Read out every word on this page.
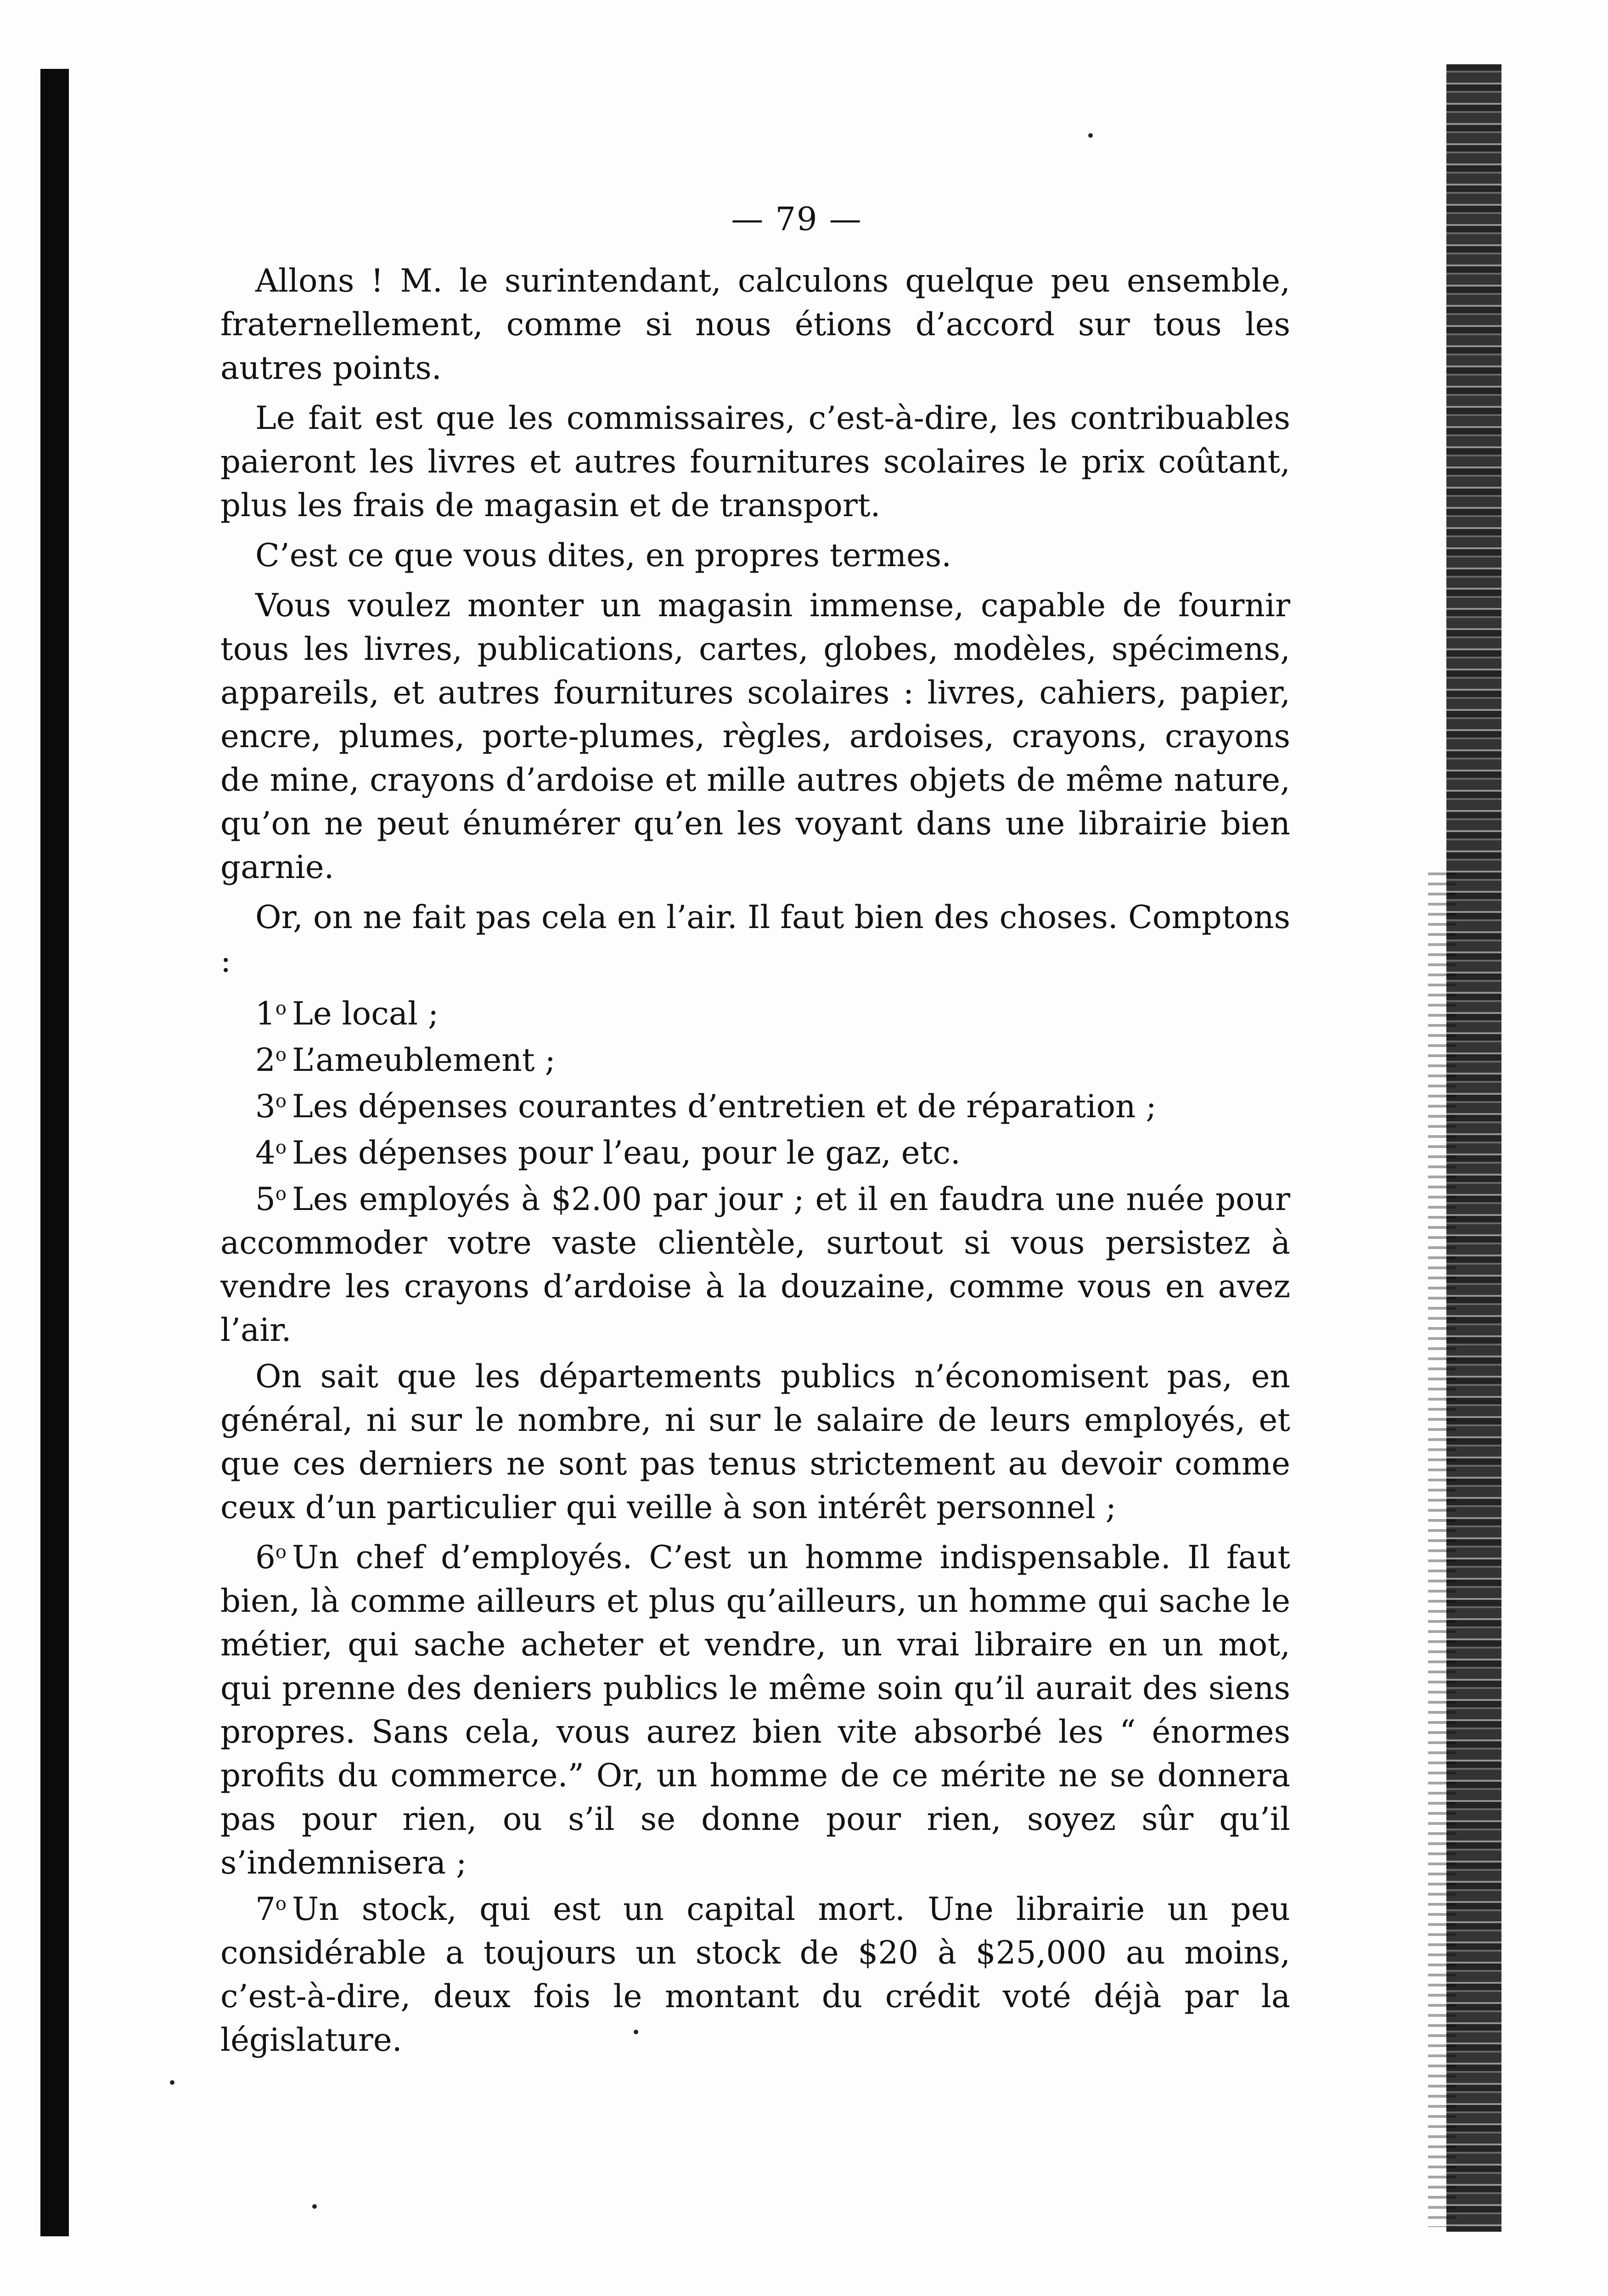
— 79 —

Allons ! M. le surintendant, calculons quelque peu ensemble, fraternellement, comme si nous étions d’accord sur tous les autres points.

Le fait est que les commissaires, c’est-à-dire, les contribuables paieront les livres et autres fournitures scolaires le prix coûtant, plus les frais de magasin et de transport.

C’est ce que vous dites, en propres termes.

Vous voulez monter un magasin immense, capable de fournir tous les livres, publications, cartes, globes, modèles, spécimens, appareils, et autres fournitures scolaires : livres, cahiers, papier, encre, plumes, porte-plumes, règles, ardoises, crayons, crayons de mine, crayons d’ardoise et mille autres objets de même nature, qu’on ne peut énumérer qu’en les voyant dans une librairie bien garnie.

Or, on ne fait pas cela en l’air. Il faut bien des choses. Comptons :

1$^o$ Le local ;

2$^o$ L’ameublement ;

3$^o$ Les dépenses courantes d’entretien et de réparation ;

4$^o$ Les dépenses pour l’eau, pour le gaz, etc.

5$^o$ Les employés à $2.00 par jour ; et il en faudra une nuée pour accommoder votre vaste clientèle, surtout si vous persistez à vendre les crayons d’ardoise à la douzaine, comme vous en avez l’air.

On sait que les départements publics n’économisent pas, en général, ni sur le nombre, ni sur le salaire de leurs employés, et que ces derniers ne sont pas tenus strictement au devoir comme ceux d’un particulier qui veille à son intérêt personnel ;

6$^o$ Un chef d’employés. C’est un homme indispensable. Il faut bien, là comme ailleurs et plus qu’ailleurs, un homme qui sache le métier, qui sache acheter et vendre, un vrai libraire en un mot, qui prenne des deniers publics le même soin qu’il aurait des siens propres. Sans cela, vous aurez bien vite absorbé les “ énormes profits du commerce.” Or, un homme de ce mérite ne se donnera pas pour rien, ou s’il se donne pour rien, soyez sûr qu’il s’indemnisera ;

7$^o$ Un stock, qui est un capital mort. Une librairie un peu considérable a toujours un stock de $20 à $25,000 au moins, c’est-à-dire, deux fois le montant du crédit voté déjà par la législature.
